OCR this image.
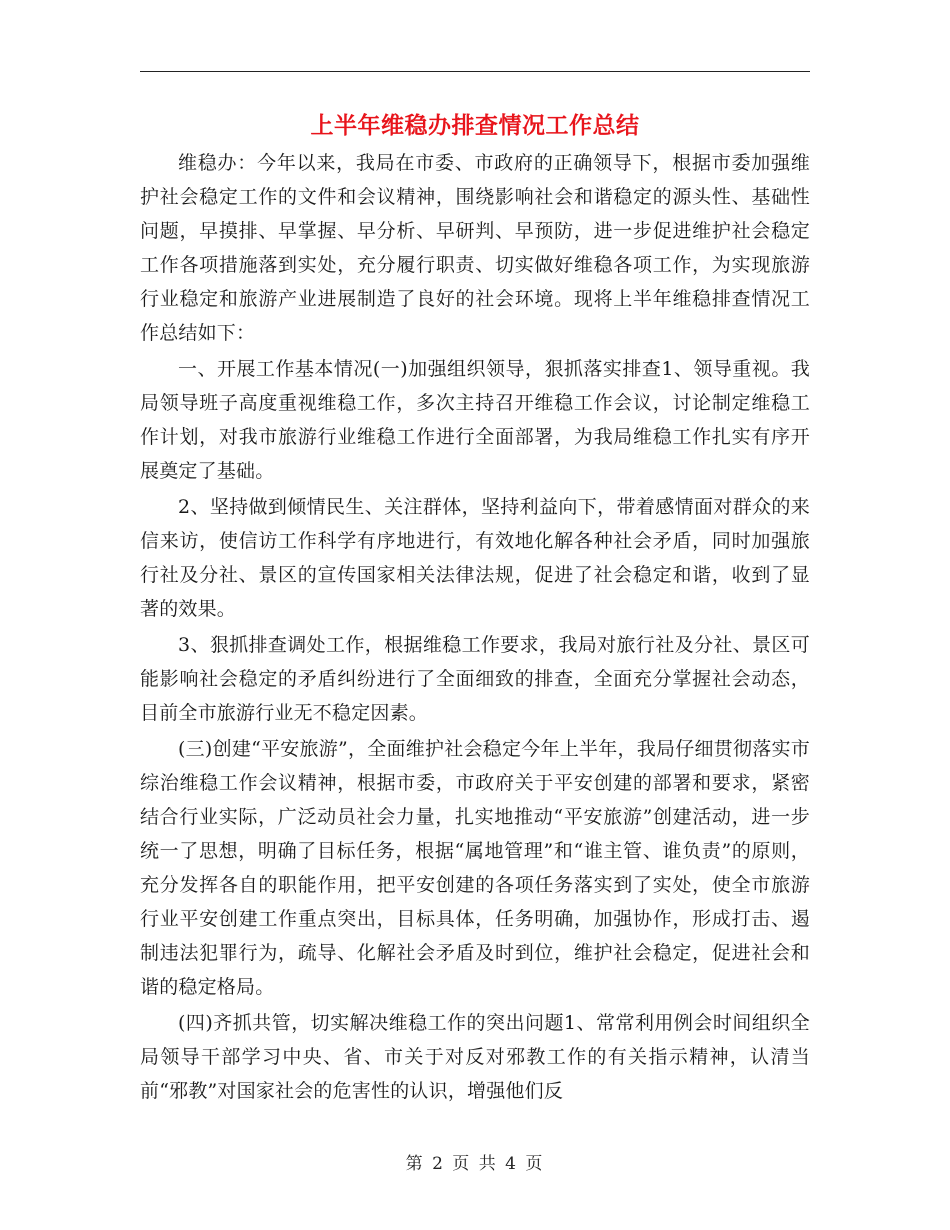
上半年维稳办排查情况工作总结

维稳办：今年以来，我局在市委、市政府的正确领导下，根据市委加强维护社会稳定工作的文件和会议精神，围绕影响社会和谐稳定的源头性、基础性问题，早摸排、早掌握、早分析、早研判、早预防，进一步促进维护社会稳定工作各项措施落到实处，充分履行职责、切实做好维稳各项工作，为实现旅游行业稳定和旅游产业进展制造了良好的社会环境。现将上半年维稳排查情况工作总结如下：

一、开展工作基本情况(一)加强组织领导，狠抓落实排查1、领导重视。我局领导班子高度重视维稳工作，多次主持召开维稳工作会议，讨论制定维稳工作计划，对我市旅游行业维稳工作进行全面部署，为我局维稳工作扎实有序开展奠定了基础。

2、坚持做到倾情民生、关注群体，坚持利益向下，带着感情面对群众的来信来访，使信访工作科学有序地进行，有效地化解各种社会矛盾，同时加强旅行社及分社、景区的宣传国家相关法律法规，促进了社会稳定和谐，收到了显著的效果。

3、狠抓排查调处工作，根据维稳工作要求，我局对旅行社及分社、景区可能影响社会稳定的矛盾纠纷进行了全面细致的排查，全面充分掌握社会动态，目前全市旅游行业无不稳定因素。

(三)创建“平安旅游”，全面维护社会稳定今年上半年，我局仔细贯彻落实市综治维稳工作会议精神，根据市委，市政府关于平安创建的部署和要求，紧密结合行业实际，广泛动员社会力量，扎实地推动“平安旅游”创建活动，进一步统一了思想，明确了目标任务，根据“属地管理”和“谁主管、谁负责”的原则，充分发挥各自的职能作用，把平安创建的各项任务落实到了实处，使全市旅游行业平安创建工作重点突出，目标具体，任务明确，加强协作，形成打击、遏制违法犯罪行为，疏导、化解社会矛盾及时到位，维护社会稳定，促进社会和谐的稳定格局。

(四)齐抓共管，切实解决维稳工作的突出问题1、常常利用例会时间组织全局领导干部学习中央、省、市关于对反对邪教工作的有关指示精神，认清当前“邪教”对国家社会的危害性的认识，增强他们反

第 2 页 共 4 页
